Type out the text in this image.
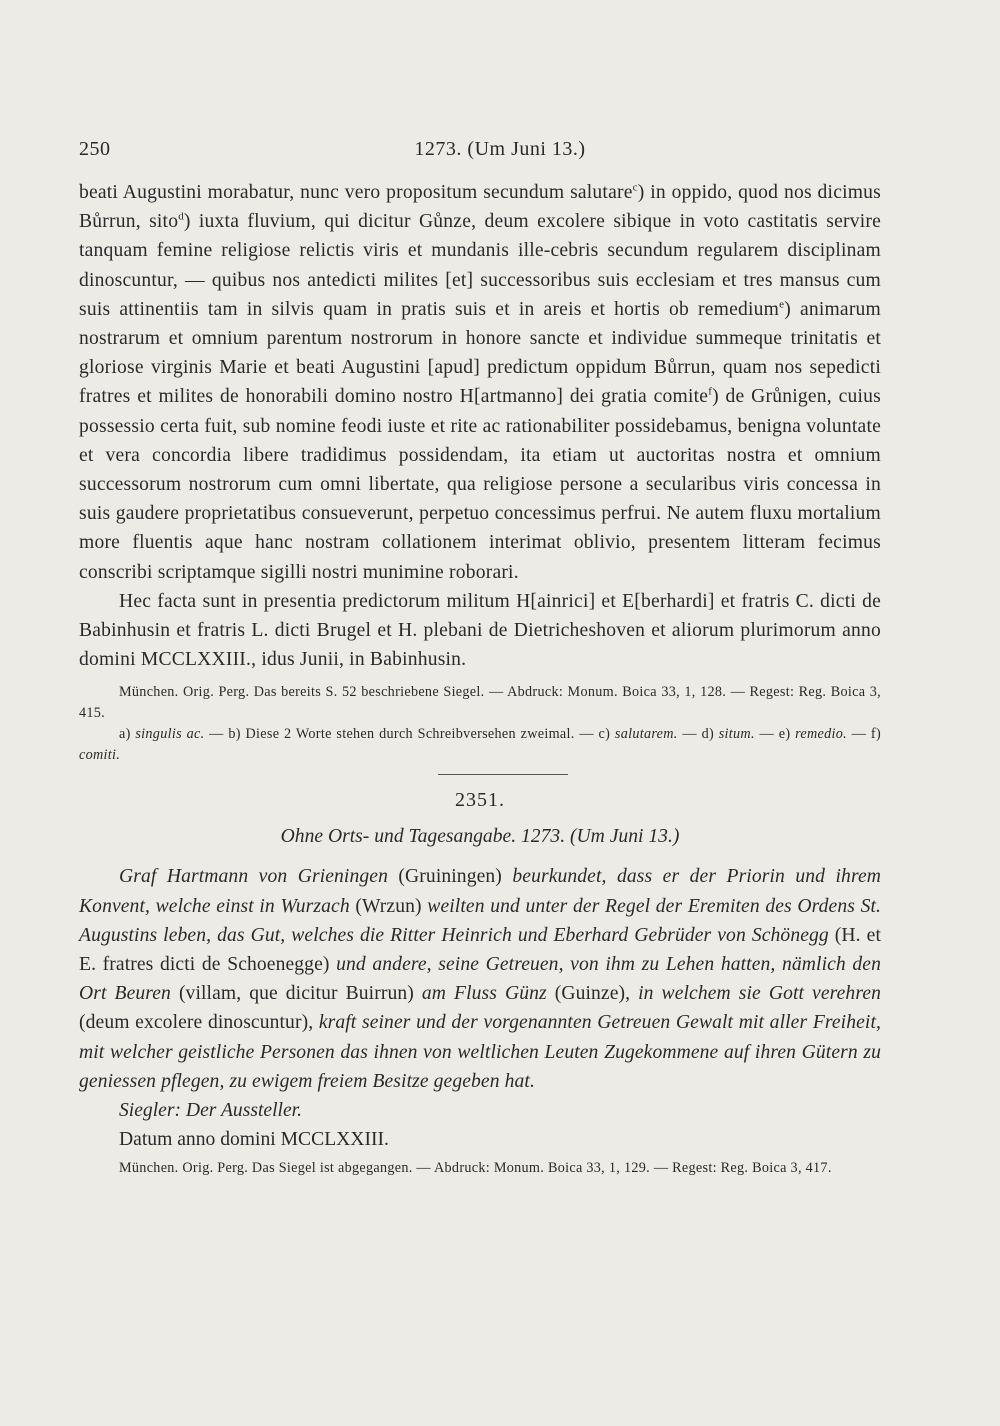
250	1273. (Um Juni 13.)

beati Augustini morabatur, nunc vero propositum secundum salutare$^c$) in oppido, quod nos dicimus Bůrrun, sito$^d$) iuxta fluvium, qui dicitur Gůnze, deum excolere sibique in voto castitatis servire tanquam femine religiose relictis viris et mundanis ille-cebris secundum regularem disciplinam dinoscuntur, — quibus nos antedicti milites [et] successoribus suis ecclesiam et tres mansus cum suis attinentiis tam in silvis quam in pratis suis et in areis et hortis ob remedium$^e$) animarum nostrarum et omnium parentum nostrorum in honore sancte et individue summeque trinitatis et gloriose virginis Marie et beati Augustini [apud] predictum oppidum Bůrrun, quam nos sepedicti fratres et milites de honorabili domino nostro H[artmanno] dei gratia comite$^f$) de Grůnigen, cuius possessio certa fuit, sub nomine feodi iuste et rite ac rationabiliter possidebamus, benigna voluntate et vera concordia libere tradidimus possidendam, ita etiam ut auctoritas nostra et omnium successorum nostrorum cum omni libertate, qua religiose persone a secularibus viris concessa in suis gaudere proprietatibus consueverunt, perpetuo concessimus perfrui. Ne autem fluxu mortalium more fluentis aque hanc nostram collationem interimat oblivio, presentem litteram fecimus conscribi scriptamque sigilli nostri munimine roborari.

Hec facta sunt in presentia predictorum militum H[ainrici] et E[berhardi] et fratris C. dicti de Babinhusin et fratris L. dicti Brugel et H. plebani de Dietricheshoven et aliorum plurimorum anno domini MCCLXXIII., idus Junii, in Babinhusin.

München. Orig. Perg. Das bereits S. 52 beschriebene Siegel. — Abdruck: Monum. Boica 33, 1, 128. — Regest: Reg. Boica 3, 415.

a) singulis ac. — b) Diese 2 Worte stehen durch Schreibversehen zweimal. — c) salutarem. — d) situm. — e) remedio. — f) comiti.

2351.

Ohne Orts- und Tagesangabe. 1273. (Um Juni 13.)

Graf Hartmann von Grieningen (Gruiningen) beurkundet, dass er der Priorin und ihrem Konvent, welche einst in Wurzach (Wrzun) weilten und unter der Regel der Eremiten des Ordens St. Augustins leben, das Gut, welches die Ritter Heinrich und Eberhard Gebrüder von Schönegg (H. et E. fratres dicti de Schoenegge) und andere, seine Getreuen, von ihm zu Lehen hatten, nämlich den Ort Beuren (villam, que dicitur Buirrun) am Fluss Günz (Guinze), in welchem sie Gott verehren (deum excolere dinoscuntur), kraft seiner und der vorgenannten Getreuen Gewalt mit aller Freiheit, mit welcher geistliche Personen das ihnen von weltlichen Leuten Zugekommene auf ihren Gütern zu geniessen pflegen, zu ewigem freiem Besitze gegeben hat.

Siegler: Der Aussteller.

Datum anno domini MCCLXXIII.

München. Orig. Perg. Das Siegel ist abgegangen. — Abdruck: Monum. Boica 33, 1, 129. — Regest: Reg. Boica 3, 417.
